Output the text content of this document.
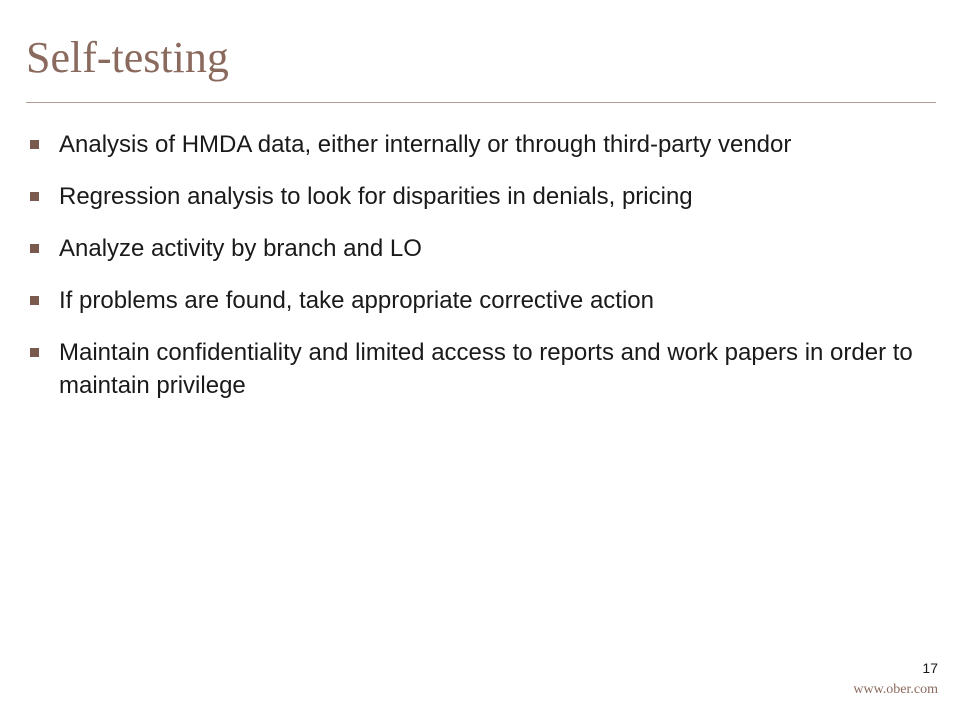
Self-testing
Analysis of HMDA data, either internally or through third-party vendor
Regression analysis to look for disparities in denials, pricing
Analyze activity by branch and LO
If problems are found, take appropriate corrective action
Maintain confidentiality and limited access to reports and work papers in order to maintain privilege
17
www.ober.com
